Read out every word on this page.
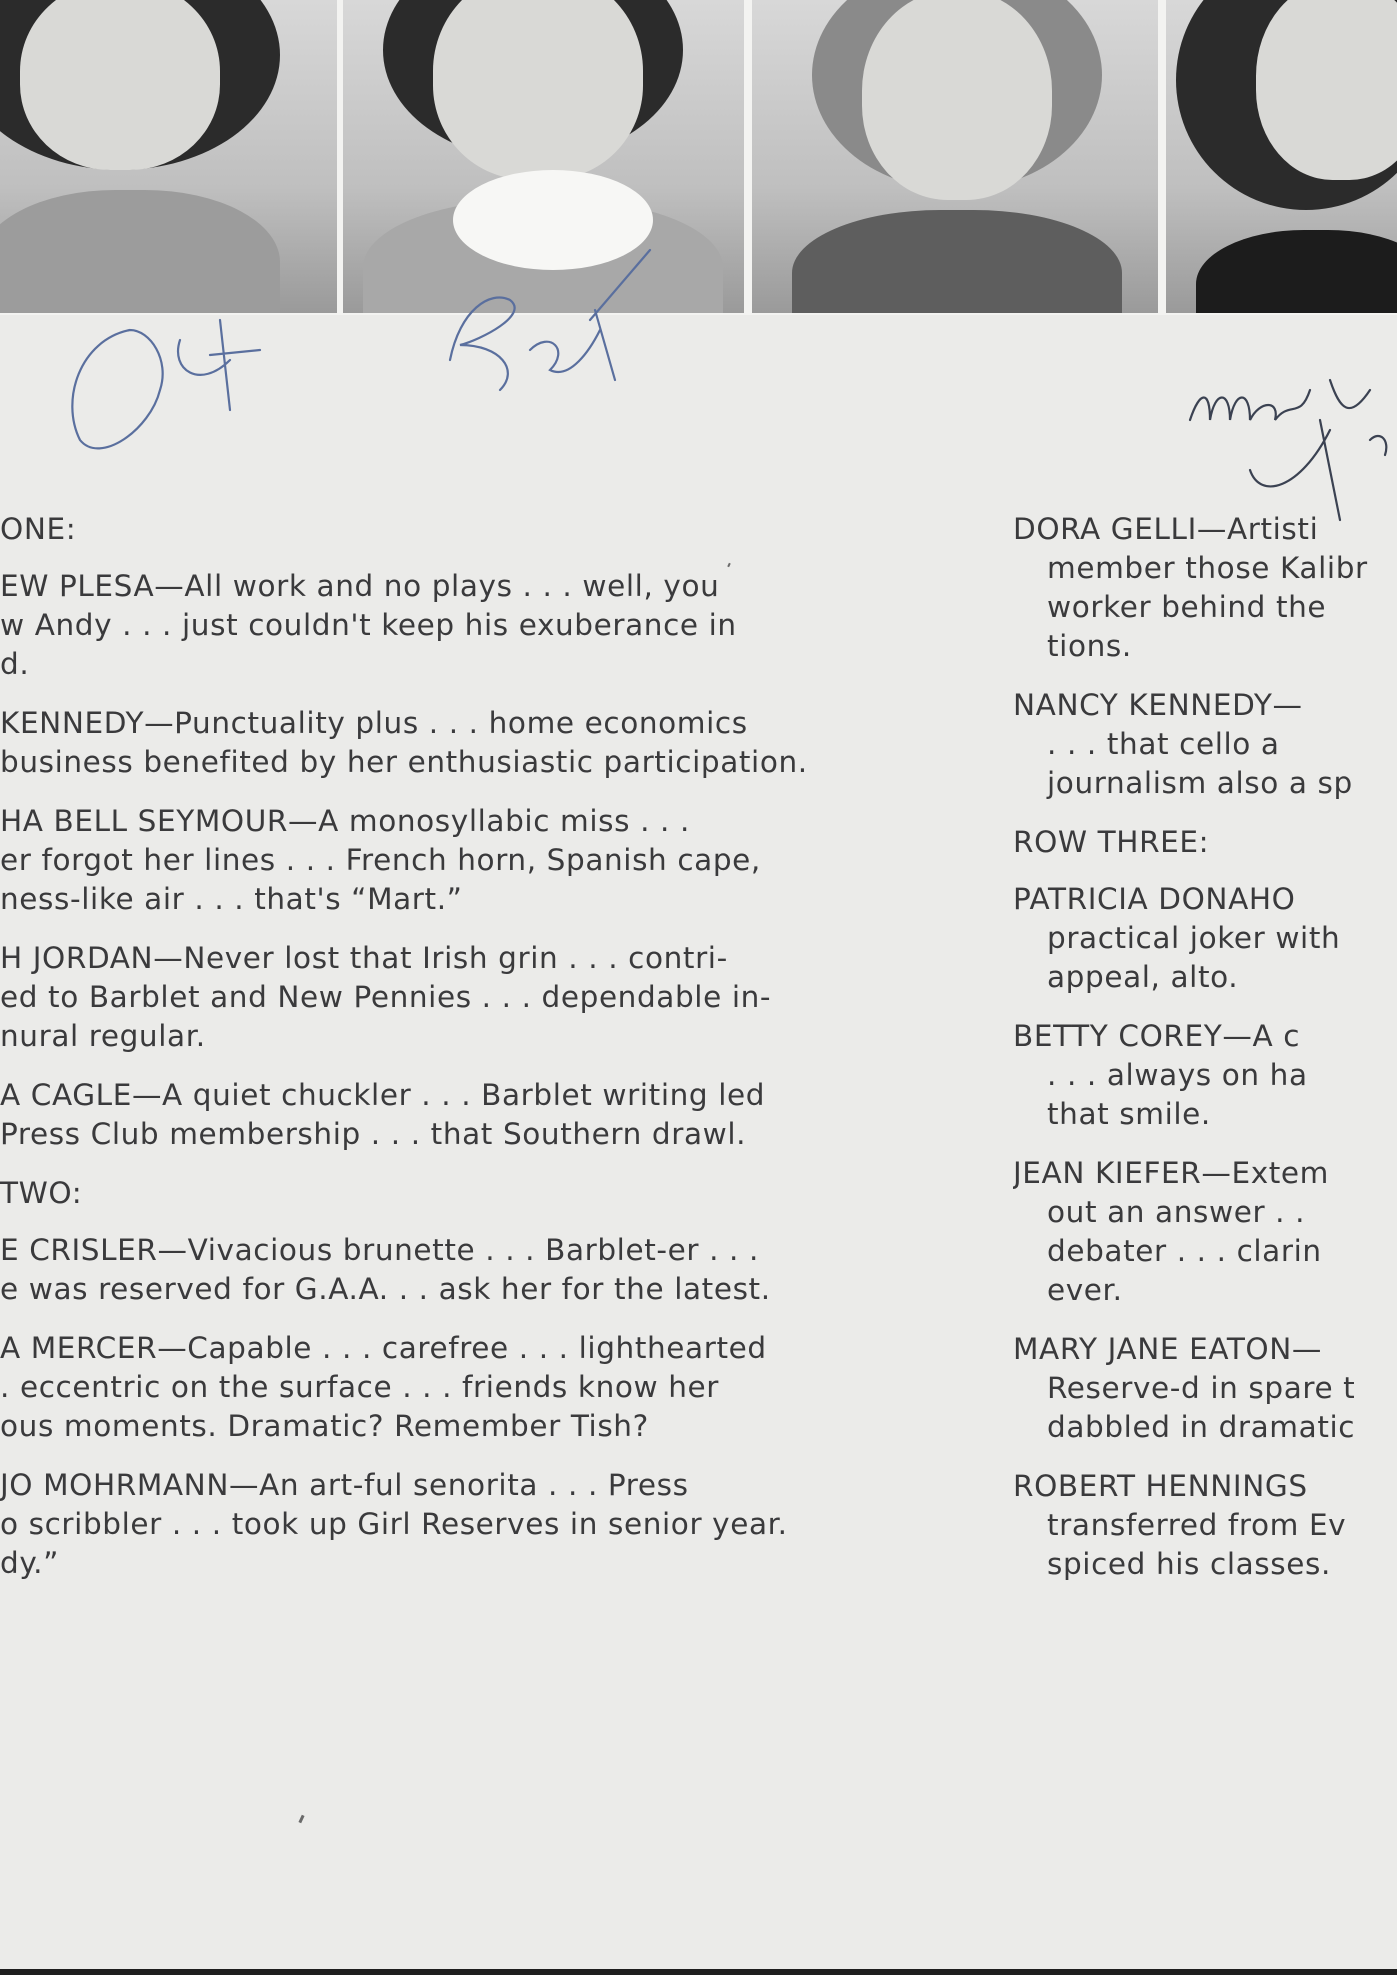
ONE:
EW PLESA—All work and no plays . . . well, you
w Andy . . . just couldn't keep his exuberance in
d.
KENNEDY—Punctuality plus . . . home economics
business benefited by her enthusiastic participation.
HA BELL SEYMOUR—A monosyllabic miss . . .
er forgot her lines . . . French horn, Spanish cape,
ness-like air . . . that's “Mart.”
H JORDAN—Never lost that Irish grin . . . contri-
ed to Barblet and New Pennies . . . dependable in-
nural regular.
A CAGLE—A quiet chuckler . . . Barblet writing led
Press Club membership . . . that Southern drawl.
TWO:
E CRISLER—Vivacious brunette . . . Barblet-er . . .
e was reserved for G.A.A. . . ask her for the latest.
A MERCER—Capable . . . carefree . . . lighthearted
. eccentric on the surface . . . friends know her
ous moments. Dramatic? Remember Tish?
JO MOHRMANN—An art-ful senorita . . . Press
o scribbler . . . took up Girl Reserves in senior year.
dy.”
DORA GELLI—Artisti
member those Kalibr
worker behind the
tions.
NANCY KENNEDY—
. . . that cello a
journalism also a sp
ROW THREE:
PATRICIA DONAHO
practical joker with
appeal, alto.
BETTY COREY—A c
. . . always on ha
that smile.
JEAN KIEFER—Extem
out an answer . .
debater . . . clarin
ever.
MARY JANE EATON—
Reserve-d in spare t
dabbled in dramatic
ROBERT HENNINGS
transferred from Ev
spiced his classes.
